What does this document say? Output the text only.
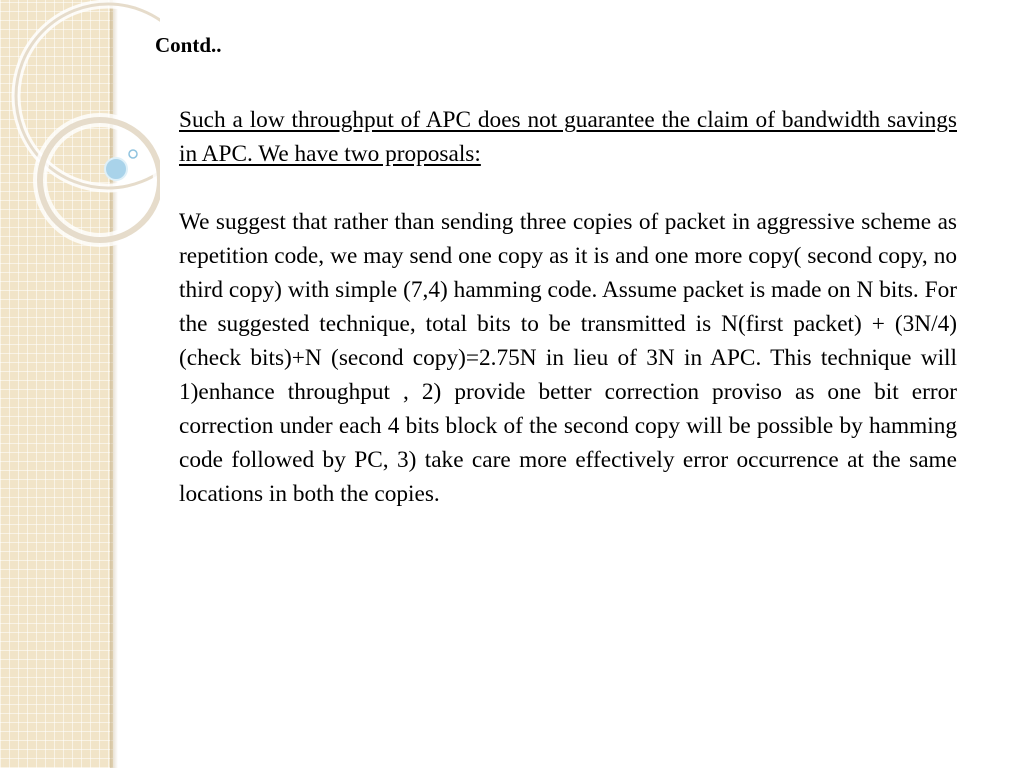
Contd..

Such a low throughput of APC does not guarantee the claim of bandwidth savings in APC. We have two proposals:

We suggest that rather than sending three copies of packet in aggressive scheme as repetition code, we may send one copy as it is and one more copy( second copy, no third copy) with simple (7,4) hamming code. Assume packet is made on N bits. For the suggested technique, total bits to be transmitted is N(first packet) + (3N/4)(check bits)+N (second copy)=2.75N in lieu of 3N in APC. This technique will 1)enhance throughput , 2) provide better correction proviso as one bit error correction under each 4 bits block of the second copy will be possible by hamming code followed by PC, 3) take care more effectively error occurrence at the same locations in both the copies.
